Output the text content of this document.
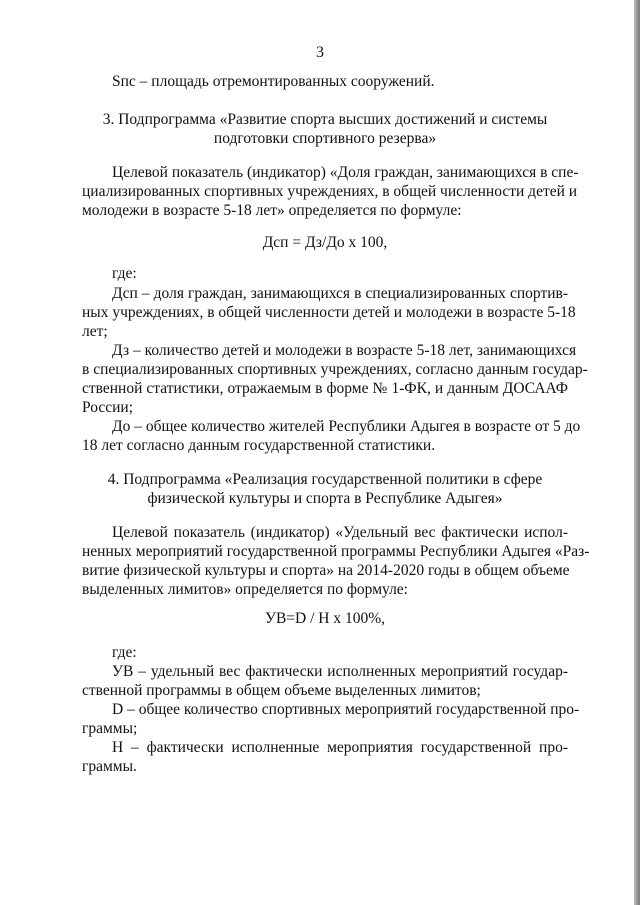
3
Sпс – площадь отремонтированных сооружений.
3. Подпрограмма «Развитие спорта высших достижений и системы
подготовки спортивного резерва»
Целевой показатель (индикатор) «Доля граждан, занимающихся в спе-
циализированных спортивных учреждениях, в общей численности детей и
молодежи в возрасте 5-18 лет» определяется по формуле:
Дсп = Дз/До х 100,
где:
Дсп – доля граждан, занимающихся в специализированных спортив-
ных учреждениях, в общей численности детей и молодежи в возрасте 5-18
лет;
Дз – количество детей и молодежи в возрасте 5-18 лет, занимающихся
в специализированных спортивных учреждениях, согласно данным государ-
ственной статистики, отражаемым в форме № 1-ФК, и данным ДОСААФ
России;
До – общее количество жителей Республики Адыгея в возрасте от 5 до
18 лет согласно данным государственной статистики.
4. Подпрограмма «Реализация государственной политики в сфере
физической культуры и спорта в Республике Адыгея»
Целевой показатель (индикатор) «Удельный вес фактически испол-
ненных мероприятий государственной программы Республики Адыгея «Раз-
витие физической культуры и спорта» на 2014-2020 годы в общем объеме
выделенных лимитов» определяется по формуле:
УВ=D / Н х 100%,
где:
УВ – удельный вес фактически исполненных мероприятий государ-
ственной программы в общем объеме выделенных лимитов;
D – общее количество спортивных мероприятий государственной про-
граммы;
Н – фактически исполненные мероприятия государственной про-
граммы.
